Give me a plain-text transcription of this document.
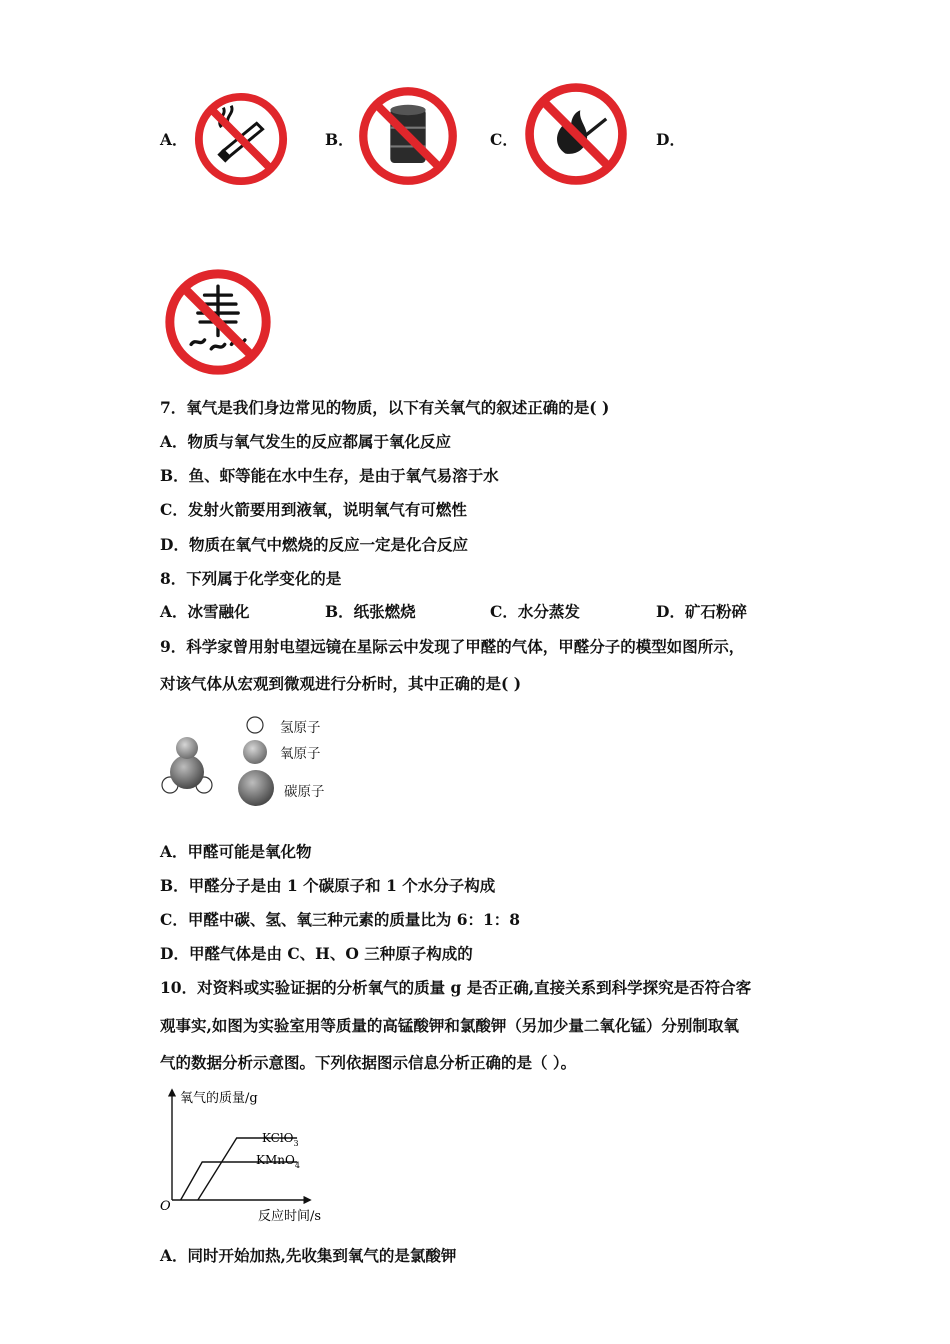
A．	B．	C．	D．
7．氧气是我们身边常见的物质，以下有关氧气的叙述正确的是( )
A．物质与氧气发生的反应都属于氧化反应
B．鱼、虾等能在水中生存，是由于氧气易溶于水
C．发射火箭要用到液氧，说明氧气有可燃性
D．物质在氧气中燃烧的反应一定是化合反应
8．下列属于化学变化的是
A．冰雪融化	B．纸张燃烧	C．水分蒸发	D．矿石粉碎
9．科学家曾用射电望远镜在星际云中发现了甲醛的气体，甲醛分子的模型如图所示，
对该气体从宏观到微观进行分析时，其中正确的是( )
氢原子
氧原子
碳原子
A．甲醛可能是氧化物
B．甲醛分子是由 1 个碳原子和 1 个水分子构成
C．甲醛中碳、氢、氧三种元素的质量比为 6：1：8
D．甲醛气体是由 C、H、O 三种原子构成的
10．对资料或实验证据的分析氧气的质量 g 是否正确,直接关系到科学探究是否符合客
观事实,如图为实验室用等质量的高锰酸钾和氯酸钾（另加少量二氧化锰）分别制取氧
气的数据分析示意图。下列依据图示信息分析正确的是（ ）。
氧气的质量/g
反应时间/s
O
KClO$_3$
KMnO$_4$
A．同时开始加热,先收集到氧气的是氯酸钾
